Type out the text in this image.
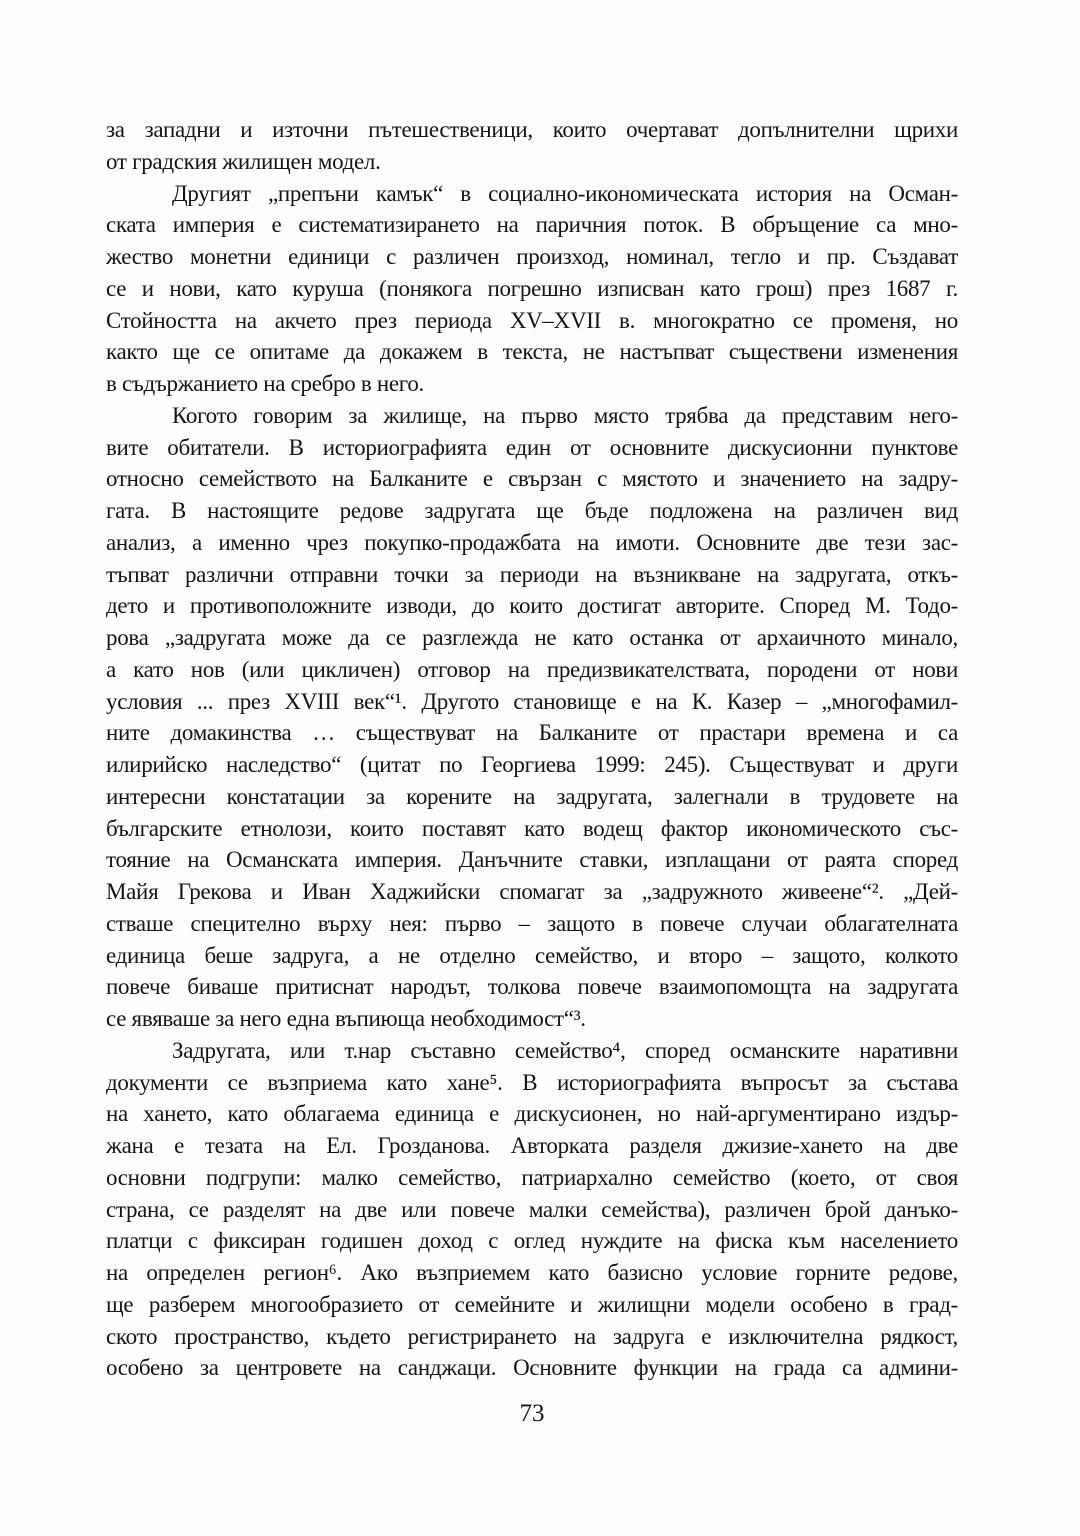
за западни и източни пътешественици, които очертават допълнителни щрихи
от градския жилищен модел.
Другият „препъни камък“ в социално-икономическата история на Осман-
ската империя е систематизирането на паричния поток. В обръщение са мно-
жество монетни единици с различен произход, номинал, тегло и пр. Създават
се и нови, като куруша (понякога погрешно изписван като грош) през 1687 г.
Стойността на акчето през периода XV–XVII в. многократно се променя, но
както ще се опитаме да докажем в текста, не настъпват съществени изменения
в съдържанието на сребро в него.
Когото говорим за жилище, на първо място трябва да представим него-
вите обитатели. В историографията един от основните дискусионни пунктове
относно семейството на Балканите е свързан с мястото и значението на задру-
гата. В настоящите редове задругата ще бъде подложена на различен вид
анализ, а именно чрез покупко-продажбата на имоти. Основните две тези зас-
тъпват различни отправни точки за периоди на възникване на задругата, откъ-
дето и противоположните изводи, до които достигат авторите. Според М. Тодо-
рова „задругата може да се разглежда не като останка от архаичното минало,
а като нов (или цикличен) отговор на предизвикателствата, породени от нови
условия ... през XVIII век“¹. Другото становище е на К. Казер – „многофамил-
ните домакинства … съществуват на Балканите от прастари времена и са
илирийско наследство“ (цитат по Георгиева 1999: 245). Съществуват и други
интересни констатации за корените на задругата, залегнали в трудовете на
българските етнолози, които поставят като водещ фактор икономическото със-
тояние на Османската империя. Данъчните ставки, изплащани от раята според
Майя Грекова и Иван Хаджийски спомагат за „задружното живеене“². „Дей-
стваше спецително върху нея: първо – защото в повече случаи облагателната
единица беше задруга, а не отделно семейство, и второ – защото, колкото
повече биваше притиснат народът, толкова повече взаимопомощта на задругата
се явяваше за него една въпиюща необходимост“³.
Задругата, или т.нар съставно семейство⁴, според османските наративни
документи се възприема като хане⁵. В историографията въпросът за състава
на хането, като облагаема единица е дискусионен, но най-аргументирано издър-
жана е тезата на Ел. Грозданова. Авторката разделя джизие-хането на две
основни подгрупи: малко семейство, патриархално семейство (което, от своя
страна, се разделят на две или повече малки семейства), различен брой данъко-
платци с фиксиран годишен доход с оглед нуждите на фиска към населението
на определен регион⁶. Ако възприемем като базисно условие горните редове,
ще разберем многообразието от семейните и жилищни модели особено в град-
ското пространство, където регистрирането на задруга е изключителна рядкост,
особено за центровете на санджаци. Основните функции на града са админи-
73
